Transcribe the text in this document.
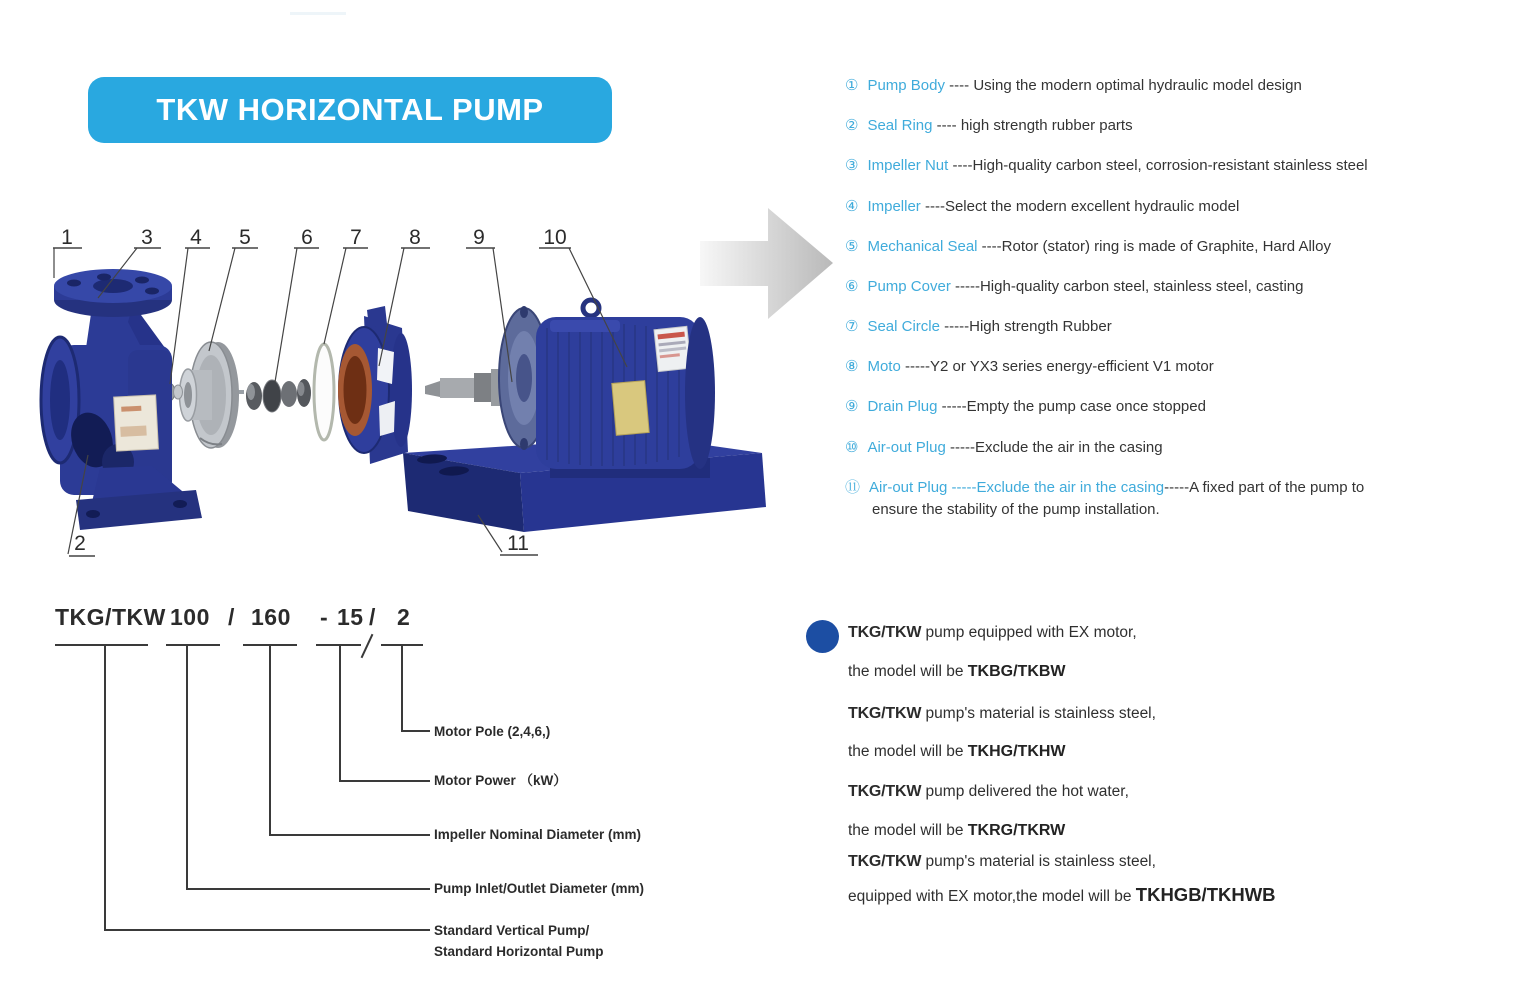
TKW HORIZONTAL PUMP
1	3 4 5 6 7 8 9	10
2	11
① Pump Body ---- Using the modern optimal hydraulic model design
② Seal Ring ---- high strength rubber parts
③ Impeller Nut ----High-quality carbon steel, corrosion-resistant stainless steel
④ Impeller ----Select the modern excellent hydraulic model
⑤ Mechanical Seal ----Rotor (stator) ring is made of Graphite, Hard Alloy
⑥ Pump Cover -----High-quality carbon steel, stainless steel, casting
⑦ Seal Circle -----High strength Rubber
⑧ Moto -----Y2 or YX3 series energy-efficient V1 motor
⑨ Drain Plug -----Empty the pump case once stopped
⑩ Air-out Plug -----Exclude the air in the casing
⑪ Air-out Plug -----Exclude the air in the casing-----A fixed part of the pump to
ensure the stability of the pump installation.
TKG/TKW 100 / 160 - 15 / 2
Motor Pole (2,4,6,)
Motor Power （kW）
Impeller Nominal Diameter (mm)
Pump Inlet/Outlet Diameter (mm)
Standard Vertical Pump/
Standard Horizontal Pump
TKG/TKW pump equipped with EX motor,
the model will be TKBG/TKBW
TKG/TKW pump's material is stainless steel,
the model will be TKHG/TKHW
TKG/TKW pump delivered the hot water,
the model will be TKRG/TKRW
TKG/TKW pump's material is stainless steel,
equipped with EX motor,the model will be TKHGB/TKHWB
